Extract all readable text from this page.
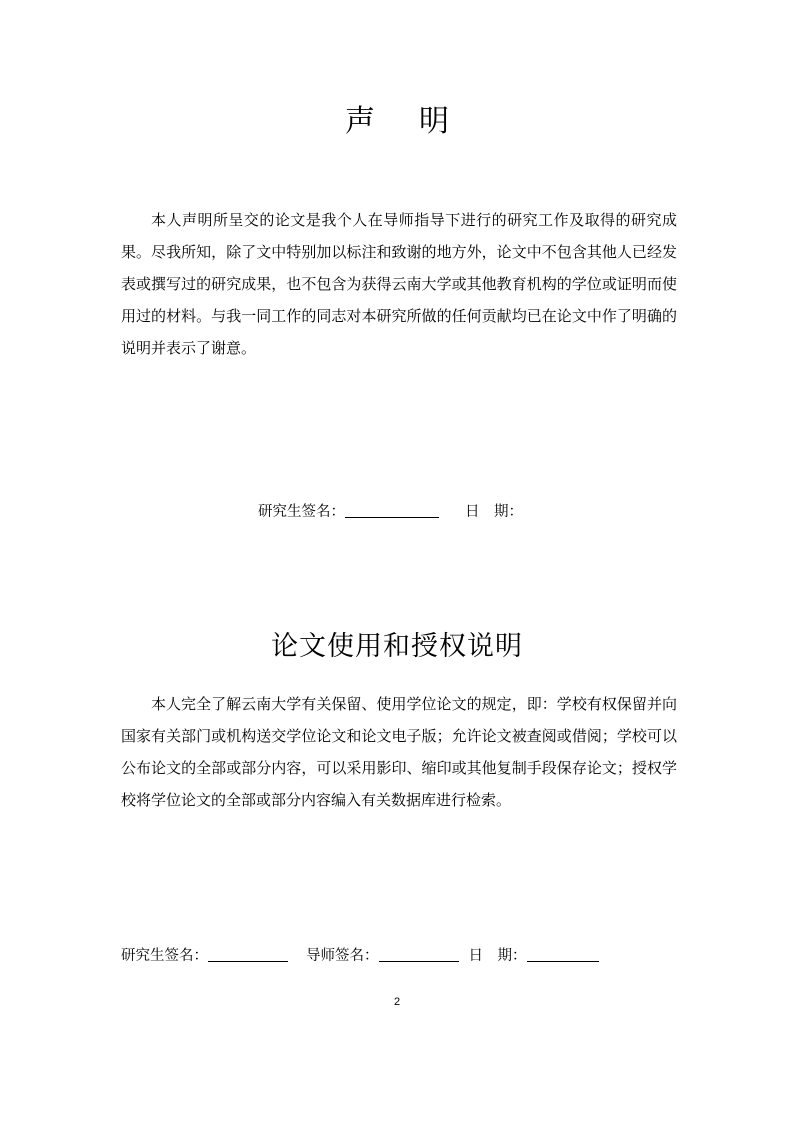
声明
本人声明所呈交的论文是我个人在导师指导下进行的研究工作及取得的研究成果。尽我所知，除了文中特别加以标注和致谢的地方外，论文中不包含其他人已经发表或撰写过的研究成果，也不包含为获得云南大学或其他教育机构的学位或证明而使用过的材料。与我一同工作的同志对本研究所做的任何贡献均已在论文中作了明确的说明并表示了谢意。
研究生签名：	日　期：
论文使用和授权说明
本人完全了解云南大学有关保留、使用学位论文的规定，即：学校有权保留并向国家有关部门或机构送交学位论文和论文电子版；允许论文被查阅或借阅；学校可以公布论文的全部或部分内容，可以采用影印、缩印或其他复制手段保存论文；授权学校将学位论文的全部或部分内容编入有关数据库进行检索。
研究生签名：	导师签名：	日　期：
2
